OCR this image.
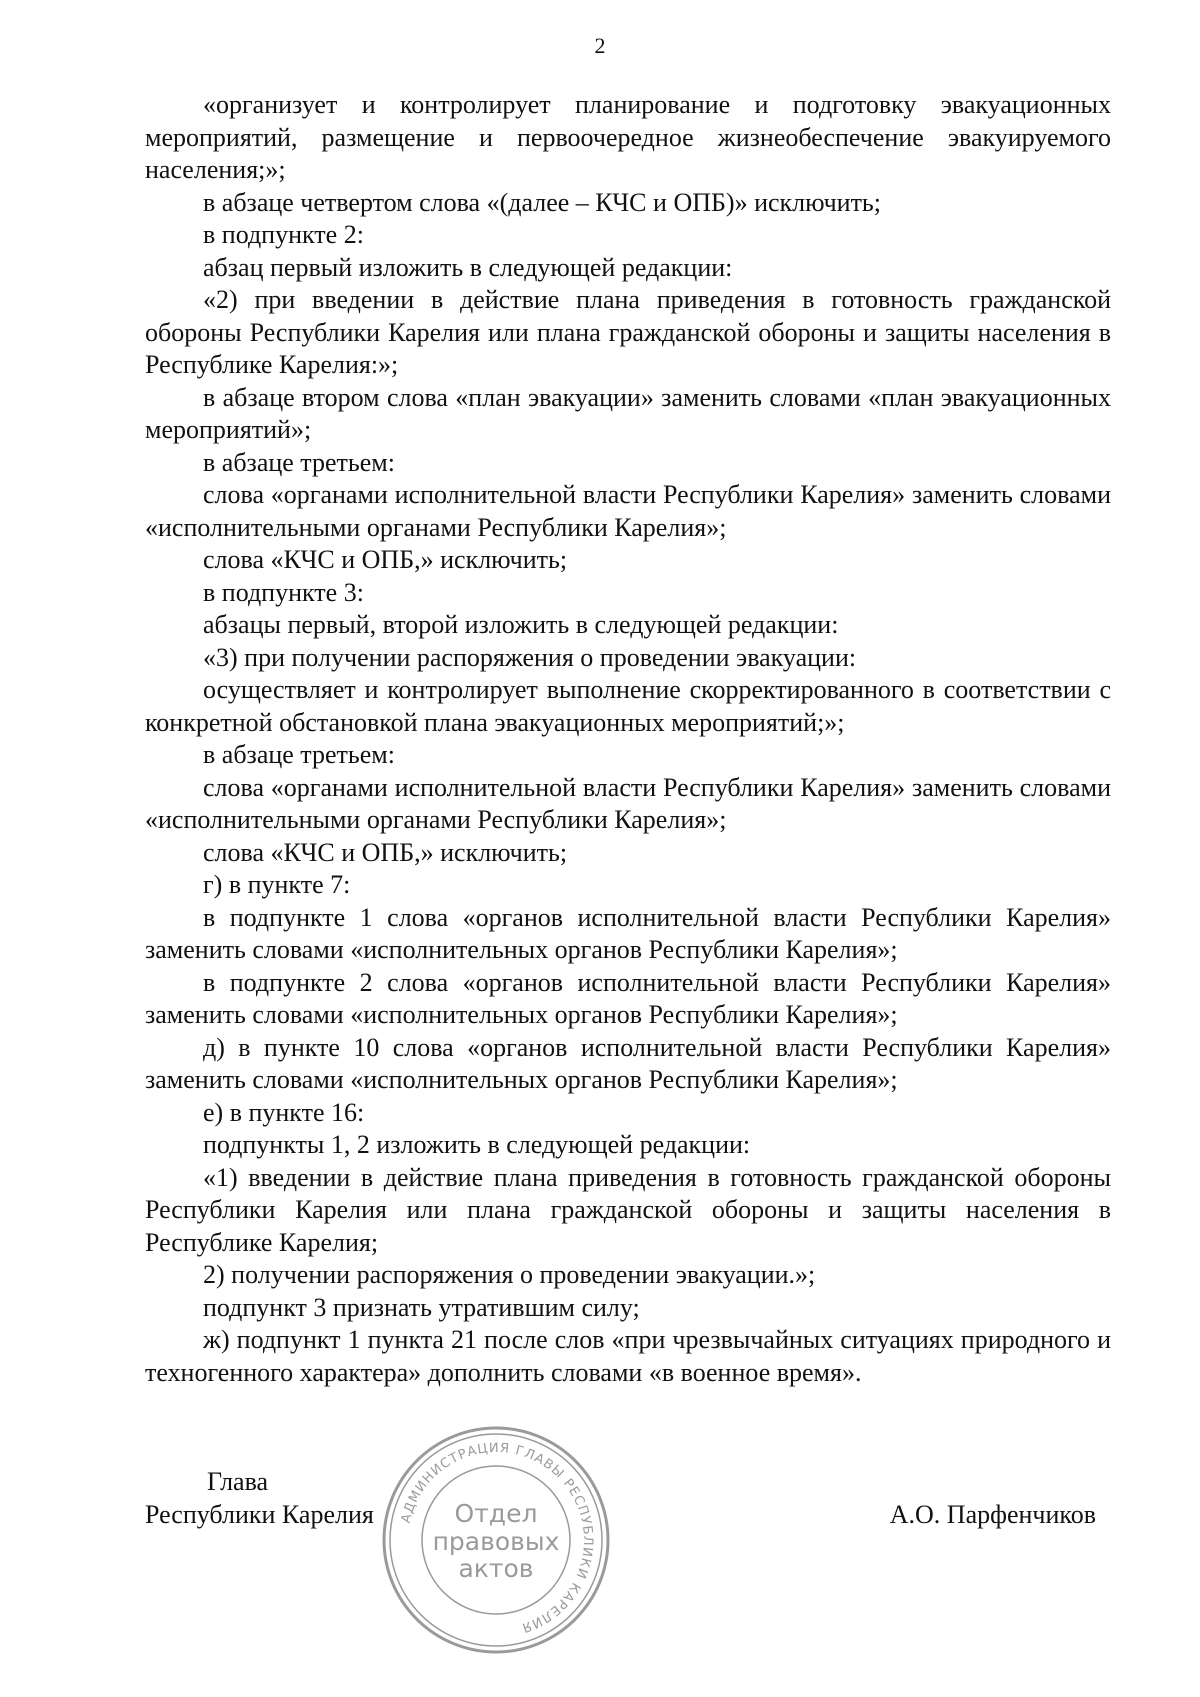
2

«организует и контролирует планирование и подготовку эвакуационных мероприятий, размещение и первоочередное жизнеобеспечение эвакуируемого населения;»;

в абзаце четвертом слова «(далее – КЧС и ОПБ)» исключить;

в подпункте 2:

абзац первый изложить в следующей редакции:

«2) при введении в действие плана приведения в готовность гражданской обороны Республики Карелия или плана гражданской обороны и защиты населения в Республике Карелия:»;

в абзаце втором слова «план эвакуации» заменить словами «план эвакуационных мероприятий»;

в абзаце третьем:

слова «органами исполнительной власти Республики Карелия» заменить словами «исполнительными органами Республики Карелия»;

слова «КЧС и ОПБ,» исключить;

в подпункте 3:

абзацы первый, второй изложить в следующей редакции:

«3) при получении распоряжения о проведении эвакуации:

осуществляет и контролирует выполнение скорректированного в соответствии с конкретной обстановкой плана эвакуационных мероприятий;»;

в абзаце третьем:

слова «органами исполнительной власти Республики Карелия» заменить словами «исполнительными органами Республики Карелия»;

слова «КЧС и ОПБ,» исключить;

г) в пункте 7:

в подпункте 1 слова «органов исполнительной власти Республики Карелия» заменить словами «исполнительных органов Республики Карелия»;

в подпункте 2 слова «органов исполнительной власти Республики Карелия» заменить словами «исполнительных органов Республики Карелия»;

д) в пункте 10 слова «органов исполнительной власти Республики Карелия» заменить словами «исполнительных органов Республики Карелия»;

е) в пункте 16:

подпункты 1, 2 изложить в следующей редакции:

«1) введении в действие плана приведения в готовность гражданской обороны Республики Карелия или плана гражданской обороны и защиты населения в Республике Карелия;

2) получении распоряжения о проведении эвакуации.»;

подпункт 3 признать утратившим силу;

ж) подпункт 1 пункта 21 после слов «при чрезвычайных ситуациях природного и техногенного характера» дополнить словами «в военное время».

Глава
Республики Карелия	А.О. Парфенчиков
АДМИНИСТРАЦИЯ ГЛАВЫ РЕСПУБЛИКИ КАРЕЛИЯ
Отдел
правовых
актов
